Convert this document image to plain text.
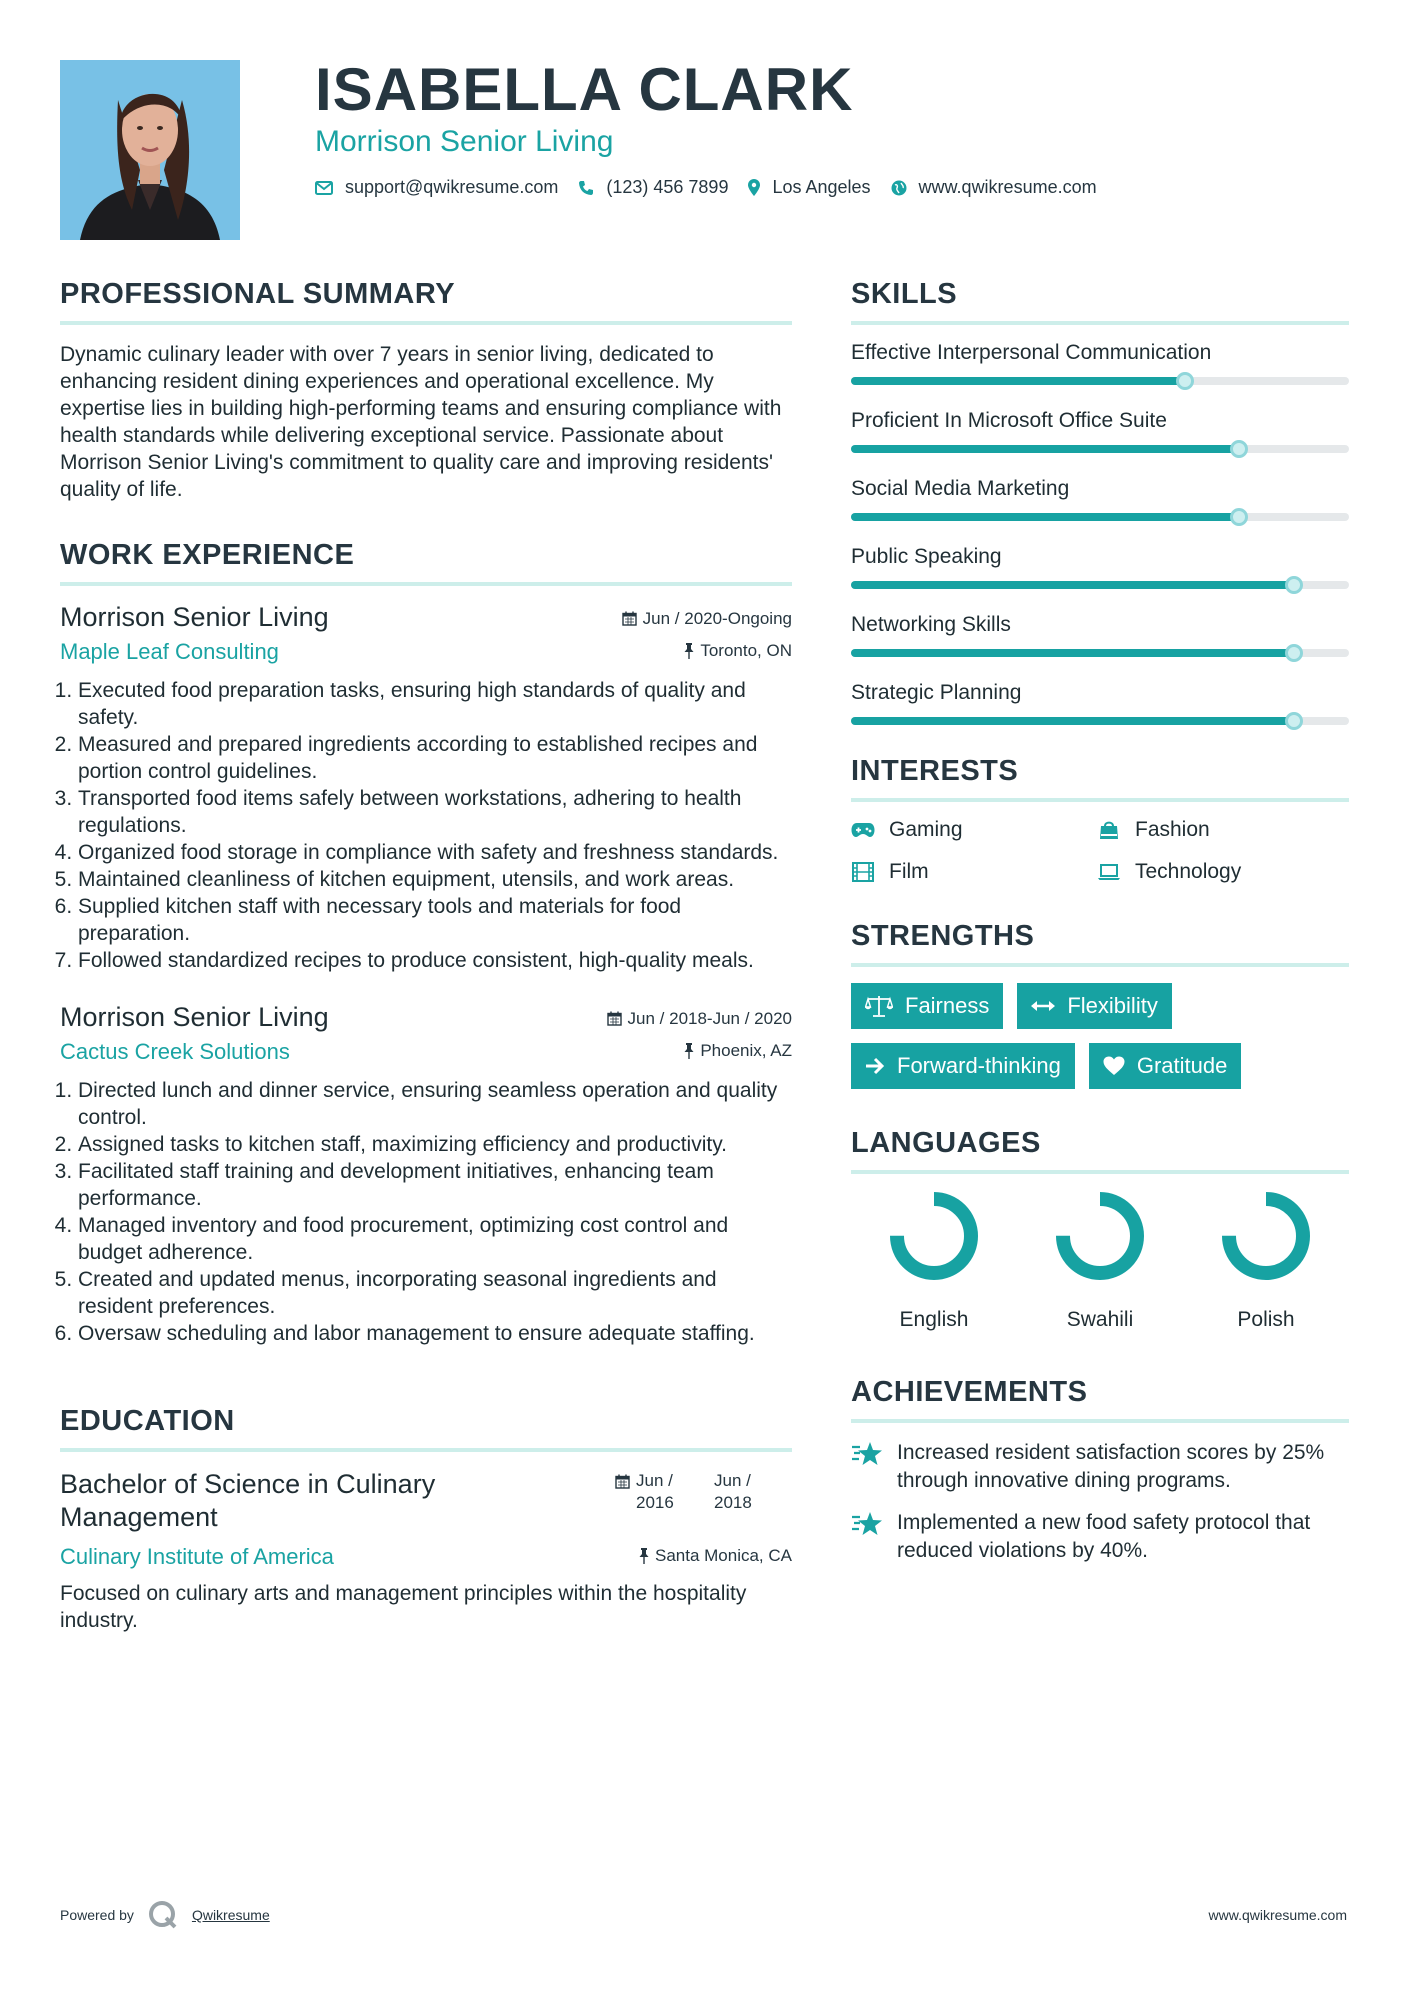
ISABELLA CLARK
Morrison Senior Living
support@qwikresume.com	(123) 456 7899 Los Angeles	www.qwikresume.com
PROFESSIONAL SUMMARY

Dynamic culinary leader with over 7 years in senior living, dedicated to enhancing resident dining experiences and operational excellence. My expertise lies in building high-performing teams and ensuring compliance with health standards while delivering exceptional service. Passionate about Morrison Senior Living's commitment to quality care and improving residents' quality of life.

WORK EXPERIENCE
Morrison Senior Living	Jun / 2020-Ongoing
Maple Leaf Consulting	Toronto, ON
1. Executed food preparation tasks, ensuring high standards of quality and safety.
2. Measured and prepared ingredients according to established recipes and portion control guidelines.
3. Transported food items safely between workstations, adhering to health regulations.
4. Organized food storage in compliance with safety and freshness standards.
5. Maintained cleanliness of kitchen equipment, utensils, and work areas.
6. Supplied kitchen staff with necessary tools and materials for food preparation.
7. Followed standardized recipes to produce consistent, high-quality meals.
Morrison Senior Living	Jun / 2018-Jun / 2020
Cactus Creek Solutions	Phoenix, AZ
1. Directed lunch and dinner service, ensuring seamless operation and quality control.
2. Assigned tasks to kitchen staff, maximizing efficiency and productivity.
3. Facilitated staff training and development initiatives, enhancing team performance.
4. Managed inventory and food procurement, optimizing cost control and budget adherence.
5. Created and updated menus, incorporating seasonal ingredients and resident preferences.
6. Oversaw scheduling and labor management to ensure adequate staffing.
EDUCATION
Bachelor of Science in Culinary Management
Jun / 2016
Jun / 2018
Culinary Institute of America	Santa Monica, CA

Focused on culinary arts and management principles within the hospitality industry.

SKILLS
Effective Interpersonal Communication
Proficient In Microsoft Office Suite
Social Media Marketing
Public Speaking
Networking Skills
Strategic Planning
INTERESTS
Gaming	Fashion
Film	Technology
STRENGTHS
Fairness	Flexibility
Forward-thinking	Gratitude
LANGUAGES
English	Swahili	Polish
ACHIEVEMENTS
Increased resident satisfaction scores by 25% through innovative dining programs.
Implemented a new food safety protocol that reduced violations by 40%.
Powered by	Qwikresume	www.qwikresume.com
